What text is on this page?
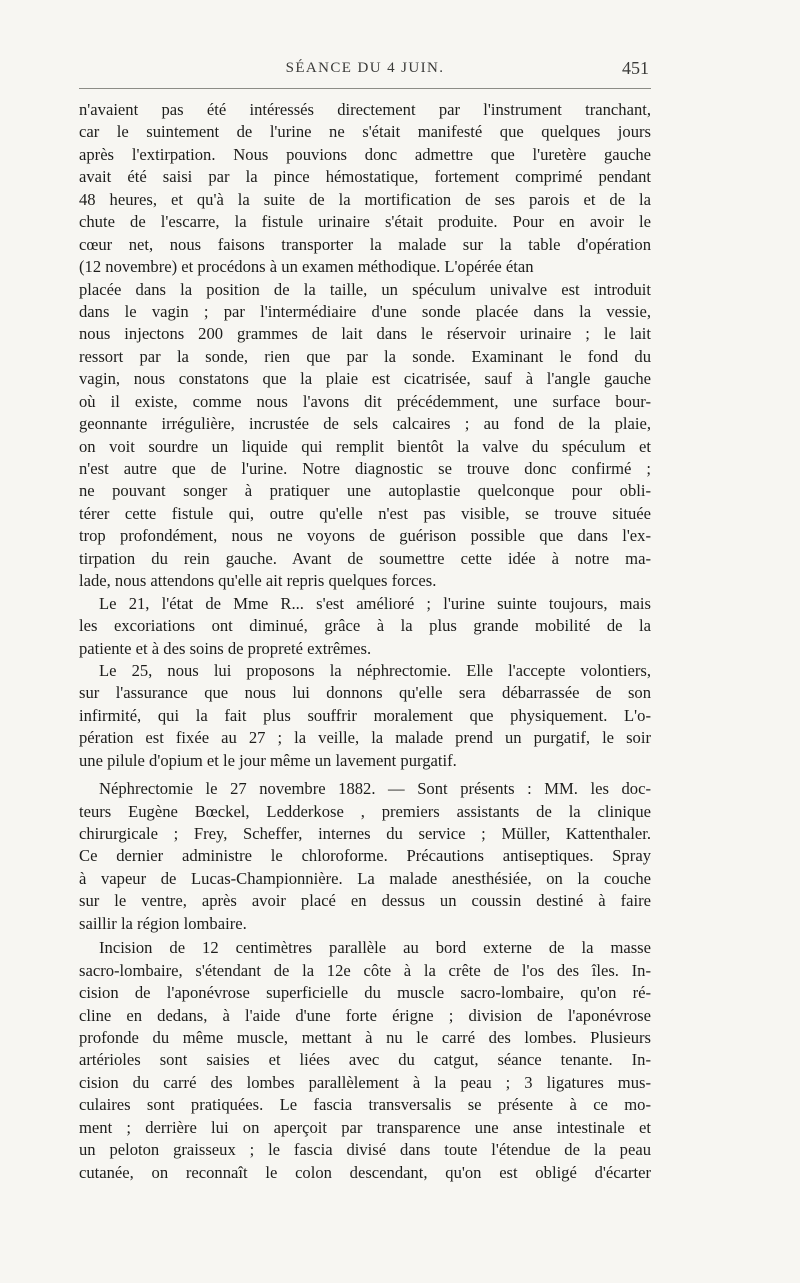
SÉANCE DU 4 JUIN.	451
n'avaient pas été intéressés directement par l'instrument tranchant,
car le suintement de l'urine ne s'était manifesté que quelques jours
après l'extirpation. Nous pouvions donc admettre que l'uretère gauche
avait été saisi par la pince hémostatique, fortement comprimé pendant
48 heures, et qu'à la suite de la mortification de ses parois et de la
chute de l'escarre, la fistule urinaire s'était produite. Pour en avoir le
cœur net, nous faisons transporter la malade sur la table d'opération
(12 novembre) et procédons à un examen méthodique. L'opérée étan
placée dans la position de la taille, un spéculum univalve est introduit
dans le vagin ; par l'intermédiaire d'une sonde placée dans la vessie,
nous injectons 200 grammes de lait dans le réservoir urinaire ; le lait
ressort par la sonde, rien que par la sonde. Examinant le fond du
vagin, nous constatons que la plaie est cicatrisée, sauf à l'angle gauche
où il existe, comme nous l'avons dit précédemment, une surface bour-
geonnante irrégulière, incrustée de sels calcaires ; au fond de la plaie,
on voit sourdre un liquide qui remplit bientôt la valve du spéculum et
n'est autre que de l'urine. Notre diagnostic se trouve donc confirmé ;
ne pouvant songer à pratiquer une autoplastie quelconque pour obli-
térer cette fistule qui, outre qu'elle n'est pas visible, se trouve située
trop profondément, nous ne voyons de guérison possible que dans l'ex-
tirpation du rein gauche. Avant de soumettre cette idée à notre ma-
lade, nous attendons qu'elle ait repris quelques forces.
Le 21, l'état de Mme R... s'est amélioré ; l'urine suinte toujours, mais
les excoriations ont diminué, grâce à la plus grande mobilité de la
patiente et à des soins de propreté extrêmes.
Le 25, nous lui proposons la néphrectomie. Elle l'accepte volontiers,
sur l'assurance que nous lui donnons qu'elle sera débarrassée de son
infirmité, qui la fait plus souffrir moralement que physiquement. L'o-
pération est fixée au 27 ; la veille, la malade prend un purgatif, le soir
une pilule d'opium et le jour même un lavement purgatif.
Néphrectomie le 27 novembre 1882. — Sont présents : MM. les doc-
teurs Eugène Bœckel, Ledderkose , premiers assistants de la clinique
chirurgicale ; Frey, Scheffer, internes du service ; Müller, Kattenthaler.
Ce dernier administre le chloroforme. Précautions antiseptiques. Spray
à vapeur de Lucas-Championnière. La malade anesthésiée, on la couche
sur le ventre, après avoir placé en dessus un coussin destiné à faire
saillir la région lombaire.
Incision de 12 centimètres parallèle au bord externe de la masse
sacro-lombaire, s'étendant de la 12e côte à la crête de l'os des îles. In-
cision de l'aponévrose superficielle du muscle sacro-lombaire, qu'on ré-
cline en dedans, à l'aide d'une forte érigne ; division de l'aponévrose
profonde du même muscle, mettant à nu le carré des lombes. Plusieurs
artérioles sont saisies et liées avec du catgut, séance tenante. In-
cision du carré des lombes parallèlement à la peau ; 3 ligatures mus-
culaires sont pratiquées. Le fascia transversalis se présente à ce mo-
ment ; derrière lui on aperçoit par transparence une anse intestinale et
un peloton graisseux ; le fascia divisé dans toute l'étendue de la peau
cutanée, on reconnaît le colon descendant, qu'on est obligé d'écarter
